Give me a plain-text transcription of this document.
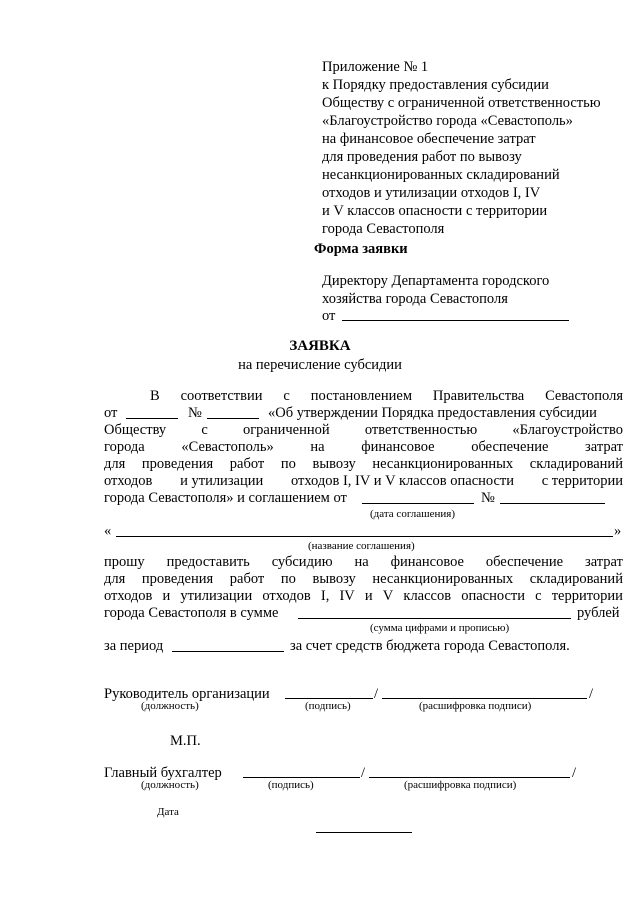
Приложение № 1
к Порядку предоставления субсидии
Обществу с ограниченной ответственностью
«Благоустройство города «Севастополь»
на финансовое обеспечение затрат
для проведения работ по вывозу
несанкционированных складирований
отходов и утилизации отходов I, IV
и V классов опасности с территории
города Севастополя
Форма заявки
Директору Департамента городского
хозяйства города Севастополя
от
ЗАЯВКА
на перечисление субсидии
В соответствии с постановлением Правительства Севастополя
от	№	«Об утверждении Порядка предоставления субсидии
Обществу с ограниченной ответственностью «Благоустройство
города	«Севастополь»	на	финансовое	обеспечение	затрат
для проведения работ по вывозу несанкционированных складирований
отходов и утилизации отходов I, IV и V классов опасности с территории
города Севастополя» и соглашением от	№
(дата соглашения)
«	»
(название соглашения)
прошу предоставить субсидию на финансовое обеспечение затрат
для проведения работ по вывозу несанкционированных складирований
отходов и утилизации отходов I, IV и V классов опасности с территории
города Севастополя в сумме	рублей
(сумма цифрами и прописью)
за период	за счет средств бюджета города Севастополя.
Руководитель организации	/	/
(должность)	(подпись)	(расшифровка подписи)
М.П.
Главный бухгалтер	/	/
(должность)	(подпись)	(расшифровка подписи)
Дата
